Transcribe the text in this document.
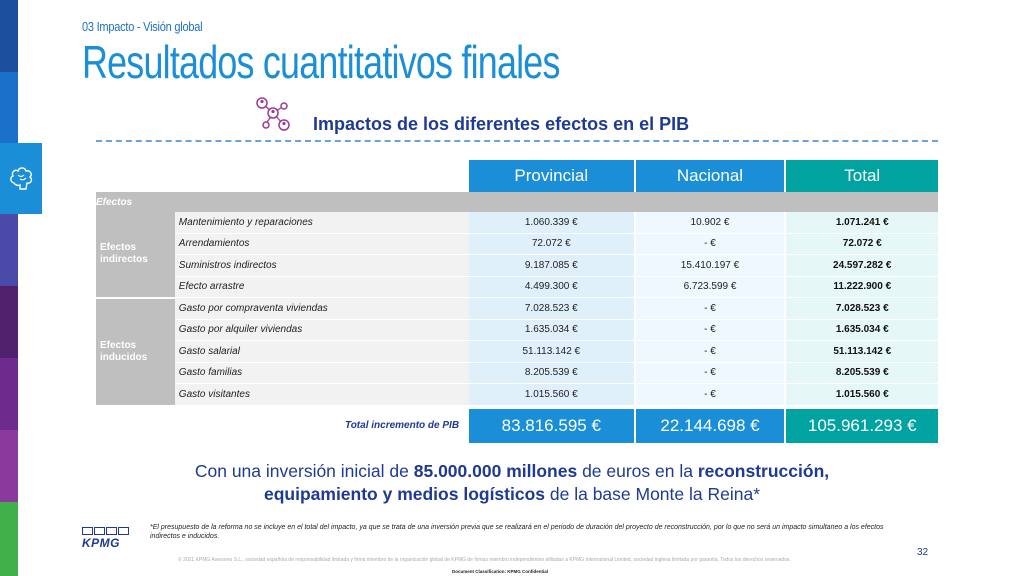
03 Impacto - Visión global
Resultados cuantitativos finales
Impactos de los diferentes efectos en el PIB
		Provincial		Nacional		Total
Efectos						
Efectos indirectos	Mantenimiento y reparaciones	1.060.339 €		10.902 €		1.071.241 €
	Arrendamientos	72.072 €		- €		72.072 €
	Suministros indirectos	9.187.085 €		15.410.197 €		24.597.282 €
	Efecto arrastre	4.499.300 €		6.723.599 €		11.222.900 €
Efectos inducidos	Gasto por compraventa viviendas	7.028.523 €		- €		7.028.523 €
	Gasto por alquiler viviendas	1.635.034 €		- €		1.635.034 €
	Gasto salarial	51.113.142 €		- €		51.113.142 €
	Gasto familias	8.205.539 €		- €		8.205.539 €
	Gasto visitantes	1.015.560 €		- €		1.015.560 €

Total incremento de PIB		83.816.595 €		22.144.698 €		105.961.293 €
Con una inversión inicial de 85.000.000 millones de euros en la reconstrucción,
equipamiento y medios logísticos de la base Monte la Reina*
KPMG
*El presupuesto de la reforma no se incluye en el total del impacto, ya que se trata de una inversión previa que se realizará en el periodo de duración del proyecto de reconstrucción, por lo que no será un impacto simultaneo a los efectos indirectos e inducidos.
32
© 2021 KPMG Asesores S.L., sociedad española de responsabilidad limitada y firma miembro de la organización global de KPMG de firmas miembro independientes afiliadas a KPMG International Limited, sociedad inglesa limitada por garantía. Todos los derechos reservados.
Document Classification: KPMG Confidential
